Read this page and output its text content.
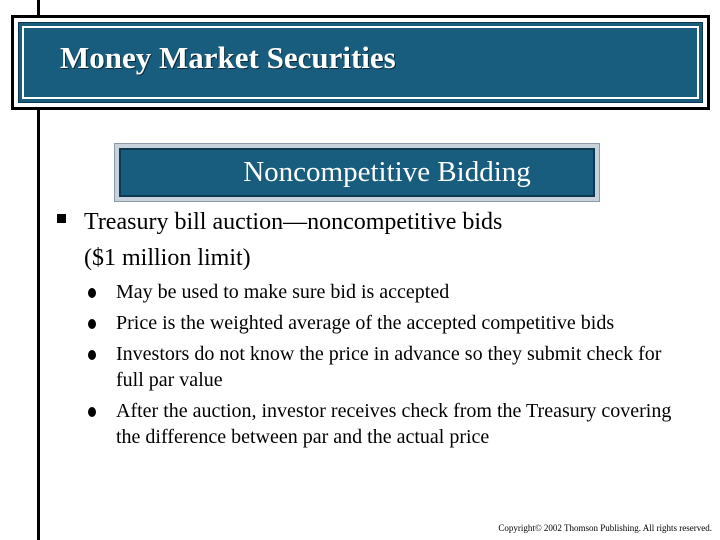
Money Market Securities
Noncompetitive Bidding
Treasury bill auction—noncompetitive bids
($1 million limit)
May be used to make sure bid is accepted
Price is the weighted average of the accepted competitive bids
Investors do not know the price in advance so they submit check for full par value
After the auction, investor receives check from the Treasury covering the difference between par and the actual price
Copyright© 2002 Thomson Publishing. All rights reserved.
